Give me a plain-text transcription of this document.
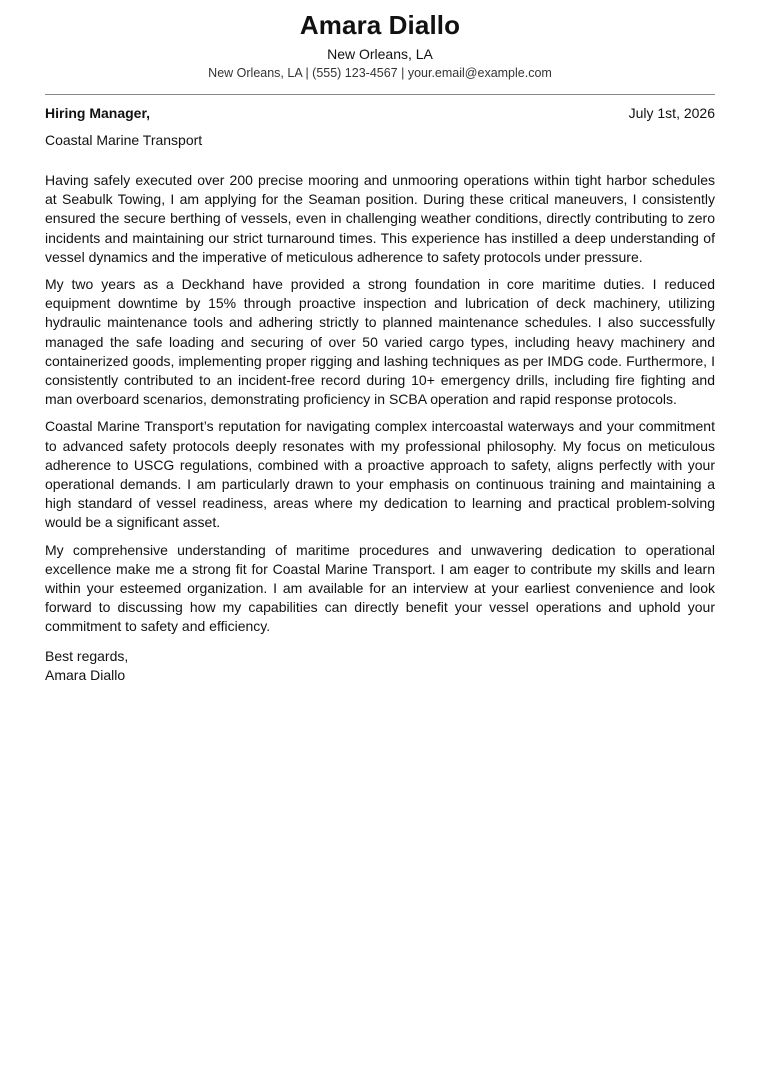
Amara Diallo
New Orleans, LA
New Orleans, LA | (555) 123-4567 | your.email@example.com
Hiring Manager,	July 1st, 2026
Coastal Marine Transport

Having safely executed over 200 precise mooring and unmooring operations within tight harbor schedules at Seabulk Towing, I am applying for the Seaman position. During these critical maneuvers, I consistently ensured the secure berthing of vessels, even in challenging weather conditions, directly contributing to zero incidents and maintaining our strict turnaround times. This experience has instilled a deep understanding of vessel dynamics and the imperative of meticulous adherence to safety protocols under pressure.

My two years as a Deckhand have provided a strong foundation in core maritime duties. I reduced equipment downtime by 15% through proactive inspection and lubrication of deck machinery, utilizing hydraulic maintenance tools and adhering strictly to planned maintenance schedules. I also successfully managed the safe loading and securing of over 50 varied cargo types, including heavy machinery and containerized goods, implementing proper rigging and lashing techniques as per IMDG code. Furthermore, I consistently contributed to an incident-free record during 10+ emergency drills, including fire fighting and man overboard scenarios, demonstrating proficiency in SCBA operation and rapid response protocols.

Coastal Marine Transport’s reputation for navigating complex intercoastal waterways and your commitment to advanced safety protocols deeply resonates with my professional philosophy. My focus on meticulous adherence to USCG regulations, combined with a proactive approach to safety, aligns perfectly with your operational demands. I am particularly drawn to your emphasis on continuous training and maintaining a high standard of vessel readiness, areas where my dedication to learning and practical problem-solving would be a significant asset.

My comprehensive understanding of maritime procedures and unwavering dedication to operational excellence make me a strong fit for Coastal Marine Transport. I am eager to contribute my skills and learn within your esteemed organization. I am available for an interview at your earliest convenience and look forward to discussing how my capabilities can directly benefit your vessel operations and uphold your commitment to safety and efficiency.

Best regards,
Amara Diallo
